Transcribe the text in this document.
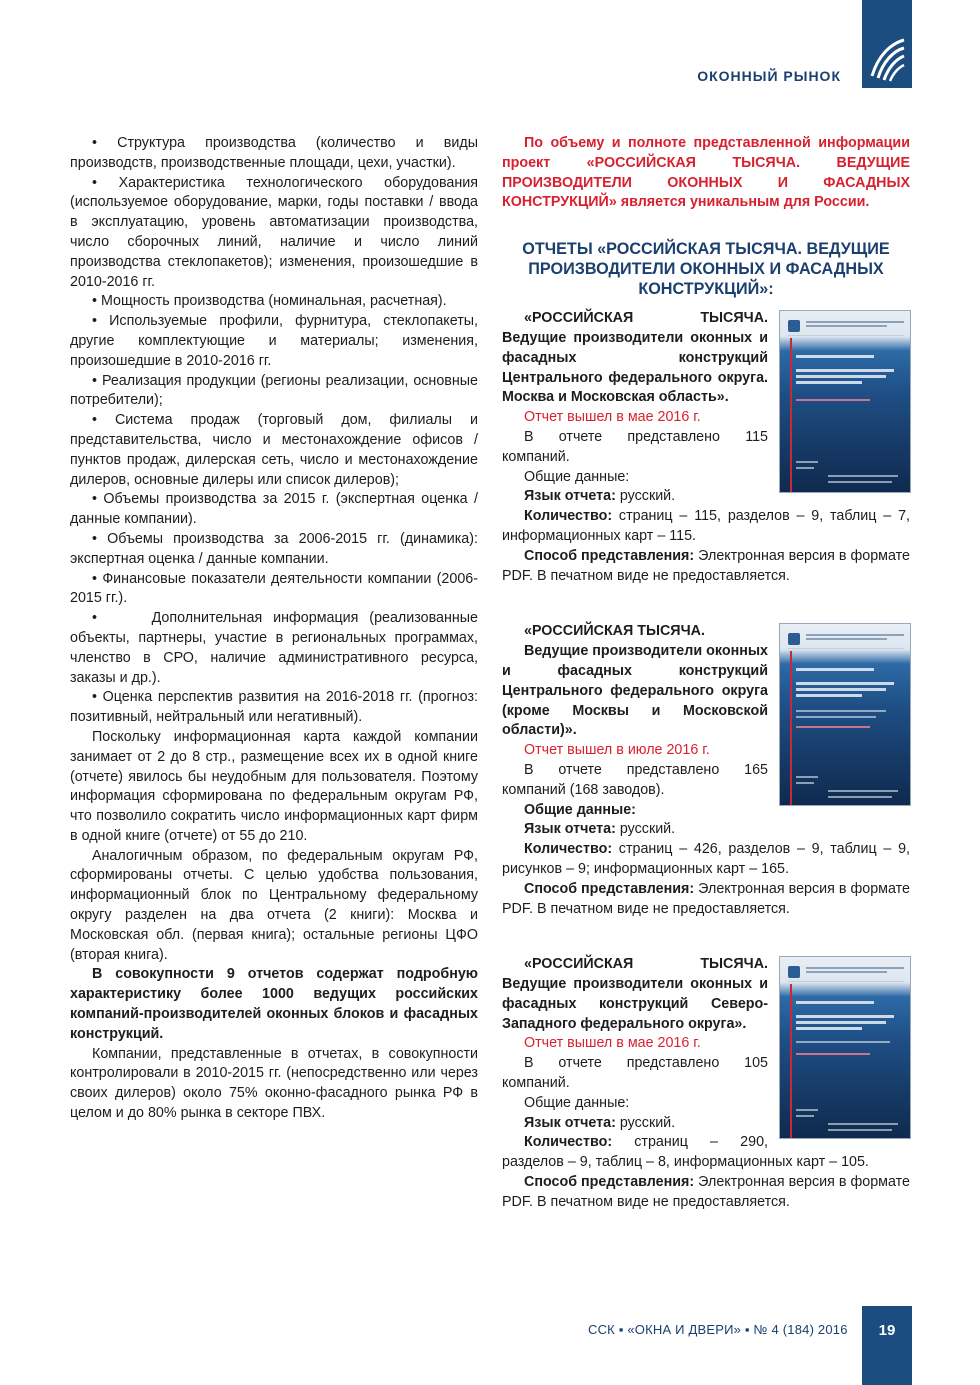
ОКОННЫЙ РЫНОК

• Структура производства (количество и виды производств, производственные площади, цехи, участки).

• Характеристика технологического оборудования (используемое оборудование, марки, годы поставки / ввода в эксплуатацию, уровень автоматизации производства, число сборочных линий, наличие и число линий производства стеклопакетов); изменения, произошедшие в 2010-2016 гг.

• Мощность производства (номинальная, расчетная).

• Используемые профили, фурнитура, стеклопакеты, другие комплектующие и материалы; изменения, произошедшие в 2010-2016 гг.

• Реализация продукции (регионы реализации, основные потребители);

• Система продаж (торговый дом, филиалы и представительства, число и местонахождение офисов / пунктов продаж, дилерская сеть, число и местонахождение дилеров, основные дилеры или список дилеров);

• Объемы производства за 2015 г. (экспертная оценка / данные компании).

• Объемы производства за 2006-2015 гг. (динамика): экспертная оценка / данные компании.

• Финансовые показатели деятельности компании (2006-2015 гг.).

•     Дополнительная информация (реализованные объекты, партнеры, участие в региональных программах, членство в СРО, наличие административного ресурса, заказы и др.).

• Оценка перспектив развития на 2016-2018 гг. (прогноз: позитивный, нейтральный или негативный).

Поскольку информационная карта каждой компании занимает от 2 до 8 стр., размещение всех их в одной книге (отчете) явилось бы неудобным для пользователя. Поэтому информация сформирована по федеральным округам РФ, что позволило сократить число информационных карт фирм в одной книге (отчете) от 55 до 210.

Аналогичным образом, по федеральным округам РФ, сформированы отчеты. С целью удобства пользования, информационный блок по Центральному федеральному округу разделен на два отчета (2 книги): Москва и Московская обл. (первая книга); остальные регионы ЦФО (вторая книга).

В совокупности 9 отчетов содержат подробную характеристику более 1000 ведущих российских компаний-производителей оконных блоков и фасадных конструкций.

Компании, представленные в отчетах, в совокупности контролировали в 2010-2015 гг. (непосредственно или через своих дилеров) около 75% оконно-фасадного рынка РФ в целом и до 80% рынка в секторе ПВХ.

По объему и полноте представленной информации проект «РОССИЙСКАЯ ТЫСЯЧА. ВЕДУЩИЕ ПРОИЗВОДИТЕЛИ ОКОННЫХ И ФАСАДНЫХ КОНСТРУКЦИЙ» является уникальным для России.

ОТЧЕТЫ «РОССИЙСКАЯ ТЫСЯЧА. ВЕДУЩИЕ ПРОИЗВОДИТЕЛИ ОКОННЫХ И ФАСАДНЫХ КОНСТРУКЦИЙ»:

«РОССИЙСКАЯ ТЫСЯЧА. Ведущие производители оконных и фасадных конструкций Центрального федерального округа. Москва и Московская область».

Отчет вышел в мае 2016 г.

В отчете представлено 115 компаний.

Общие данные:

Язык отчета: русский.

Количество: страниц – 115, разделов – 9, таблиц – 7, информационных карт – 115.

Способ представления: Электронная версия в формате PDF. В печатном виде не предоставляется.

«РОССИЙСКАЯ ТЫСЯЧА.

Ведущие производители оконных и фасадных конструкций Центрального федерального округа (кроме Москвы и Московской области)».

Отчет вышел в июле 2016 г.

В отчете представлено 165 компаний (168 заводов).

Общие данные:

Язык отчета: русский.

Количество: страниц – 426, разделов – 9, таблиц – 9, рисунков – 9; информационных карт – 165.

Способ представления: Электронная версия в формате PDF. В печатном виде не предоставляется.

«РОССИЙСКАЯ ТЫСЯЧА. Ведущие производители оконных и фасадных конструкций Северо-Западного федерального округа».

Отчет вышел в мае 2016 г.

В отчете представлено 105 компаний.

Общие данные:

Язык отчета: русский.

Количество: страниц – 290, разделов – 9, таблиц – 8, информационных карт – 105.

Способ представления: Электронная версия в формате PDF. В печатном виде не предоставляется.

ССК ▪ «ОКНА И ДВЕРИ» ▪ № 4 (184) 2016	19
